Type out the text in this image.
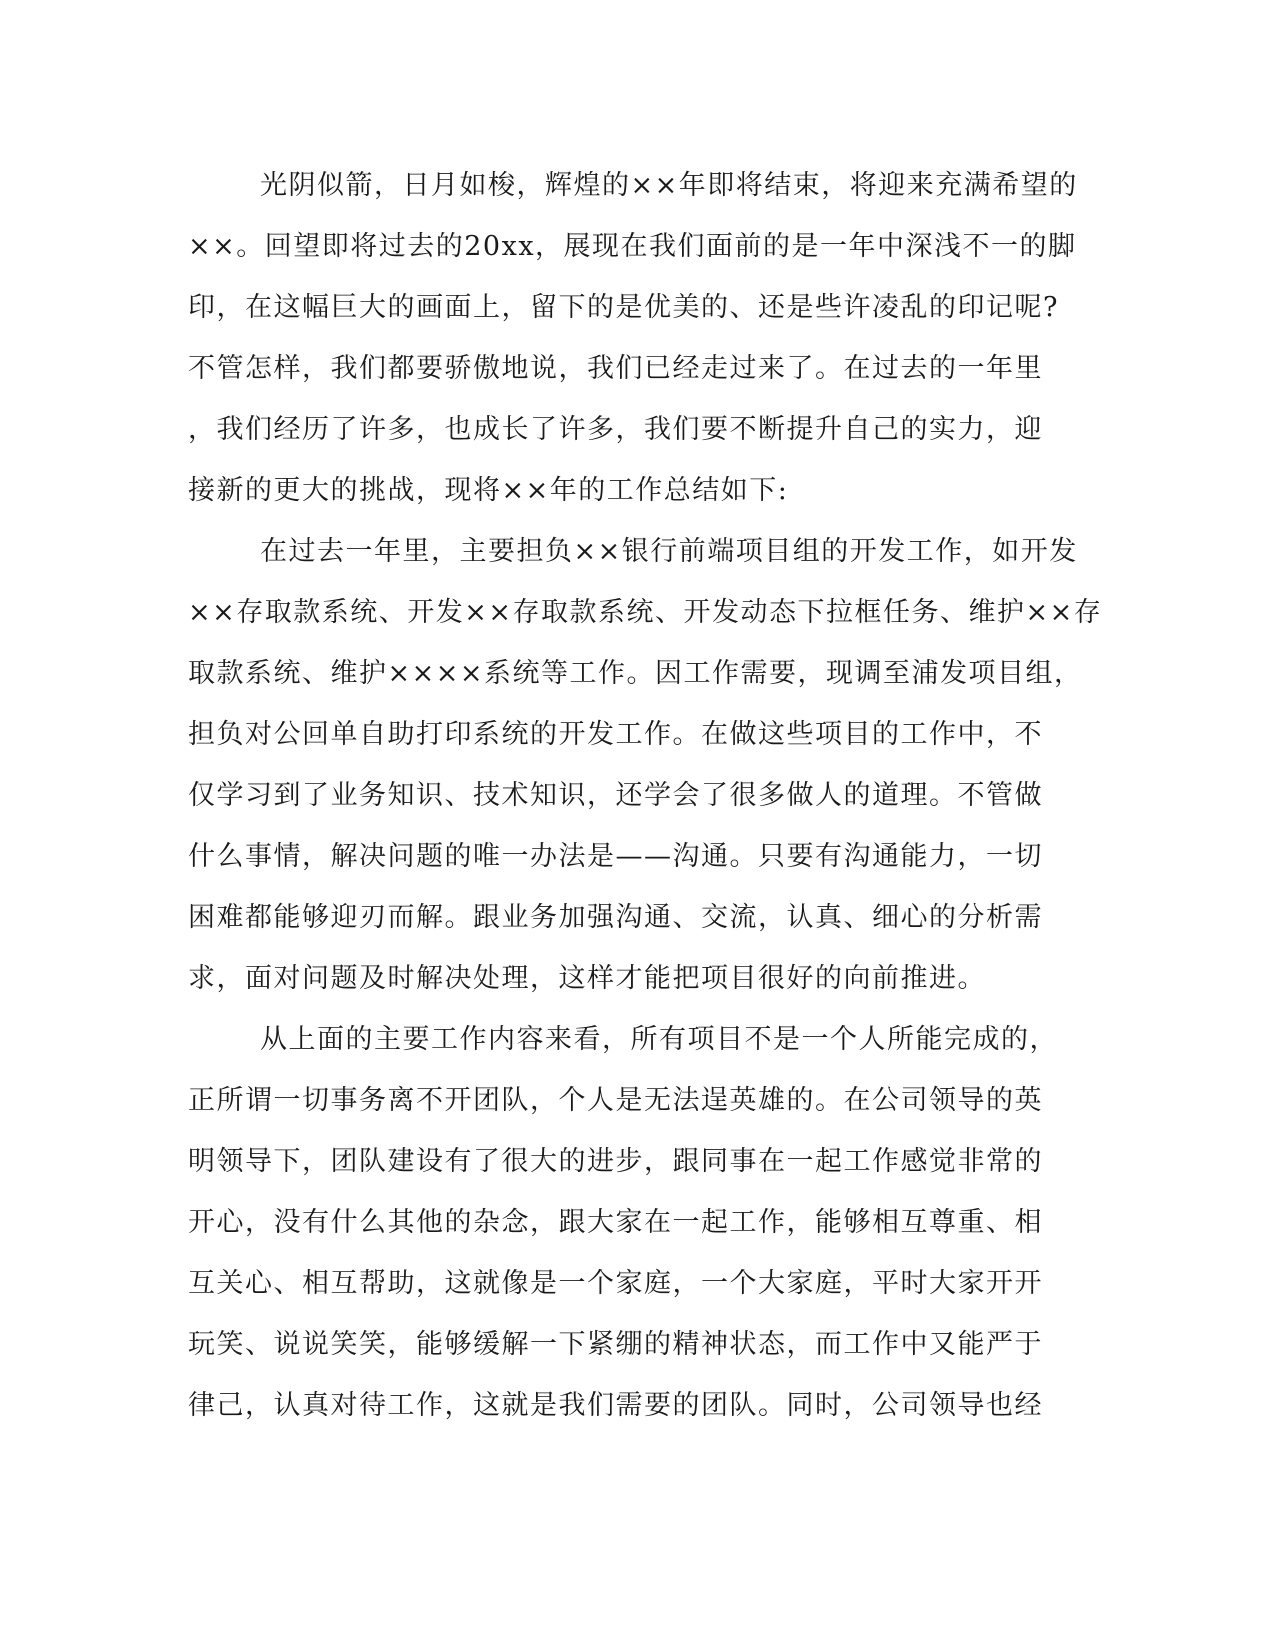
光阴似箭，日月如梭，辉煌的××年即将结束，将迎来充满希望的
××。回望即将过去的20xx，展现在我们面前的是一年中深浅不一的脚
印，在这幅巨大的画面上，留下的是优美的、还是些许凌乱的印记呢?
不管怎样，我们都要骄傲地说，我们已经走过来了。在过去的一年里
，我们经历了许多，也成长了许多，我们要不断提升自己的实力，迎
接新的更大的挑战，现将××年的工作总结如下:
在过去一年里，主要担负××银行前端项目组的开发工作，如开发
××存取款系统、开发××存取款系统、开发动态下拉框任务、维护××存
取款系统、维护××××系统等工作。因工作需要，现调至浦发项目组，
担负对公回单自助打印系统的开发工作。在做这些项目的工作中，不
仅学习到了业务知识、技术知识，还学会了很多做人的道理。不管做
什么事情，解决问题的唯一办法是——沟通。只要有沟通能力，一切
困难都能够迎刃而解。跟业务加强沟通、交流，认真、细心的分析需
求，面对问题及时解决处理，这样才能把项目很好的向前推进。
从上面的主要工作内容来看，所有项目不是一个人所能完成的，
正所谓一切事务离不开团队，个人是无法逞英雄的。在公司领导的英
明领导下，团队建设有了很大的进步，跟同事在一起工作感觉非常的
开心，没有什么其他的杂念，跟大家在一起工作，能够相互尊重、相
互关心、相互帮助，这就像是一个家庭，一个大家庭，平时大家开开
玩笑、说说笑笑，能够缓解一下紧绷的精神状态，而工作中又能严于
律己，认真对待工作，这就是我们需要的团队。同时，公司领导也经
